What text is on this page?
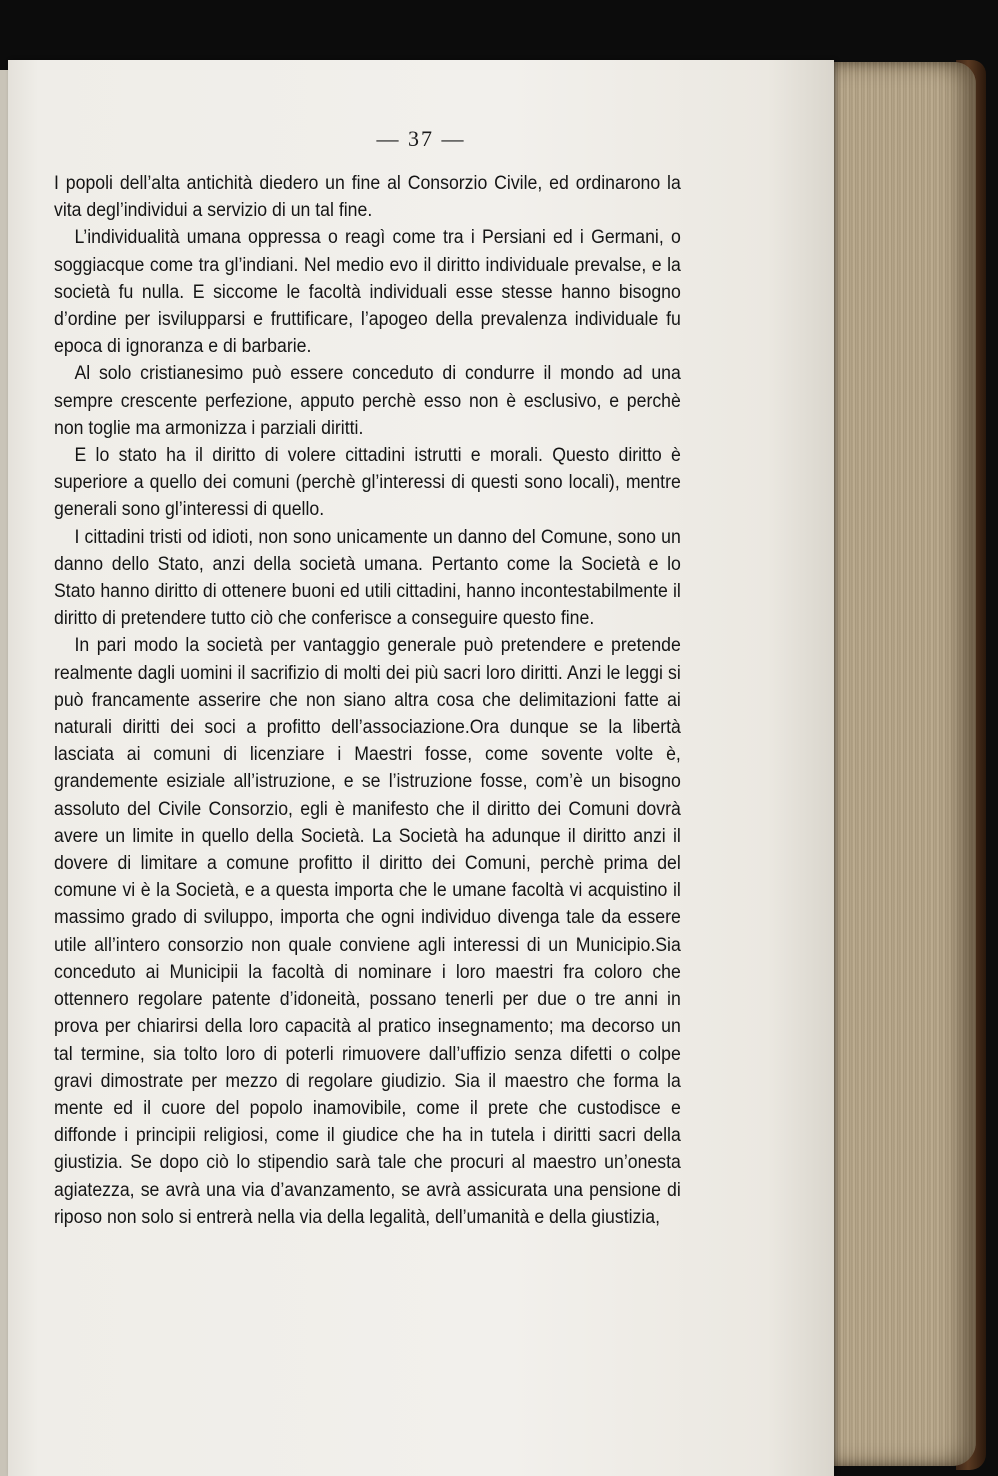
— 37 —

I popoli dell’alta antichità diedero un fine al Consorzio Civile, ed ordinarono la vita degl’individui a servizio di un tal fine.

L’individualità umana oppressa o reagì come tra i Persiani ed i Germani, o soggiacque come tra gl’indiani. Nel medio evo il diritto individuale prevalse, e la società fu nulla. E siccome le facoltà individuali esse stesse hanno bisogno d’ordine per isvilupparsi e fruttificare, l’apogeo della prevalenza individuale fu epoca di ignoranza e di barbarie.

Al solo cristianesimo può essere conceduto di condurre il mondo ad una sempre crescente perfezione, apputo perchè esso non è esclusivo, e perchè non toglie ma armonizza i parziali diritti.

E lo stato ha il diritto di volere cittadini istrutti e morali. Questo diritto è superiore a quello dei comuni (perchè gl’interessi di questi sono locali), mentre generali sono gl’interessi di quello.

I cittadini tristi od idioti, non sono unicamente un danno del Comune, sono un danno dello Stato, anzi della società umana. Pertanto come la Società e lo Stato hanno diritto di ottenere buoni ed utili cittadini, hanno incontestabilmente il diritto di pretendere tutto ciò che conferisce a conseguire questo fine.

In pari modo la società per vantaggio generale può pretendere e pretende realmente dagli uomini il sacrifizio di molti dei più sacri loro diritti. Anzi le leggi si può francamente asserire che non siano altra cosa che delimitazioni fatte ai naturali diritti dei soci a profitto dell’associazione.Ora dunque se la libertà lasciata ai comuni di licenziare i Maestri fosse, come sovente volte è, grandemente esiziale all’istruzione, e se l’istruzione fosse, com’è un bisogno assoluto del Civile Consorzio, egli è manifesto che il diritto dei Comuni dovrà avere un limite in quello della Società. La Società ha adunque il diritto anzi il dovere di limitare a comune profitto il diritto dei Comuni, perchè prima del comune vi è la Società, e a questa importa che le umane facoltà vi acquistino il massimo grado di sviluppo, importa che ogni individuo divenga tale da essere utile all’intero consorzio non quale conviene agli interessi di un Municipio.Sia conceduto ai Municipii la facoltà di nominare i loro maestri fra coloro che ottennero regolare patente d’idoneità, possano tenerli per due o tre anni in prova per chiarirsi della loro capacità al pratico insegnamento; ma decorso un tal termine, sia tolto loro di poterli rimuovere dall’uffizio senza difetti o colpe gravi dimostrate per mezzo di regolare giudizio. Sia il maestro che forma la mente ed il cuore del popolo inamovibile, come il prete che custodisce e diffonde i principii religiosi, come il giudice che ha in tutela i diritti sacri della giustizia. Se dopo ciò lo stipendio sarà tale che procuri al maestro un’onesta agiatezza, se avrà una via d’avanzamento, se avrà assicurata una pensione di riposo non solo si entrerà nella via della legalità, dell’umanità e della giustizia,
